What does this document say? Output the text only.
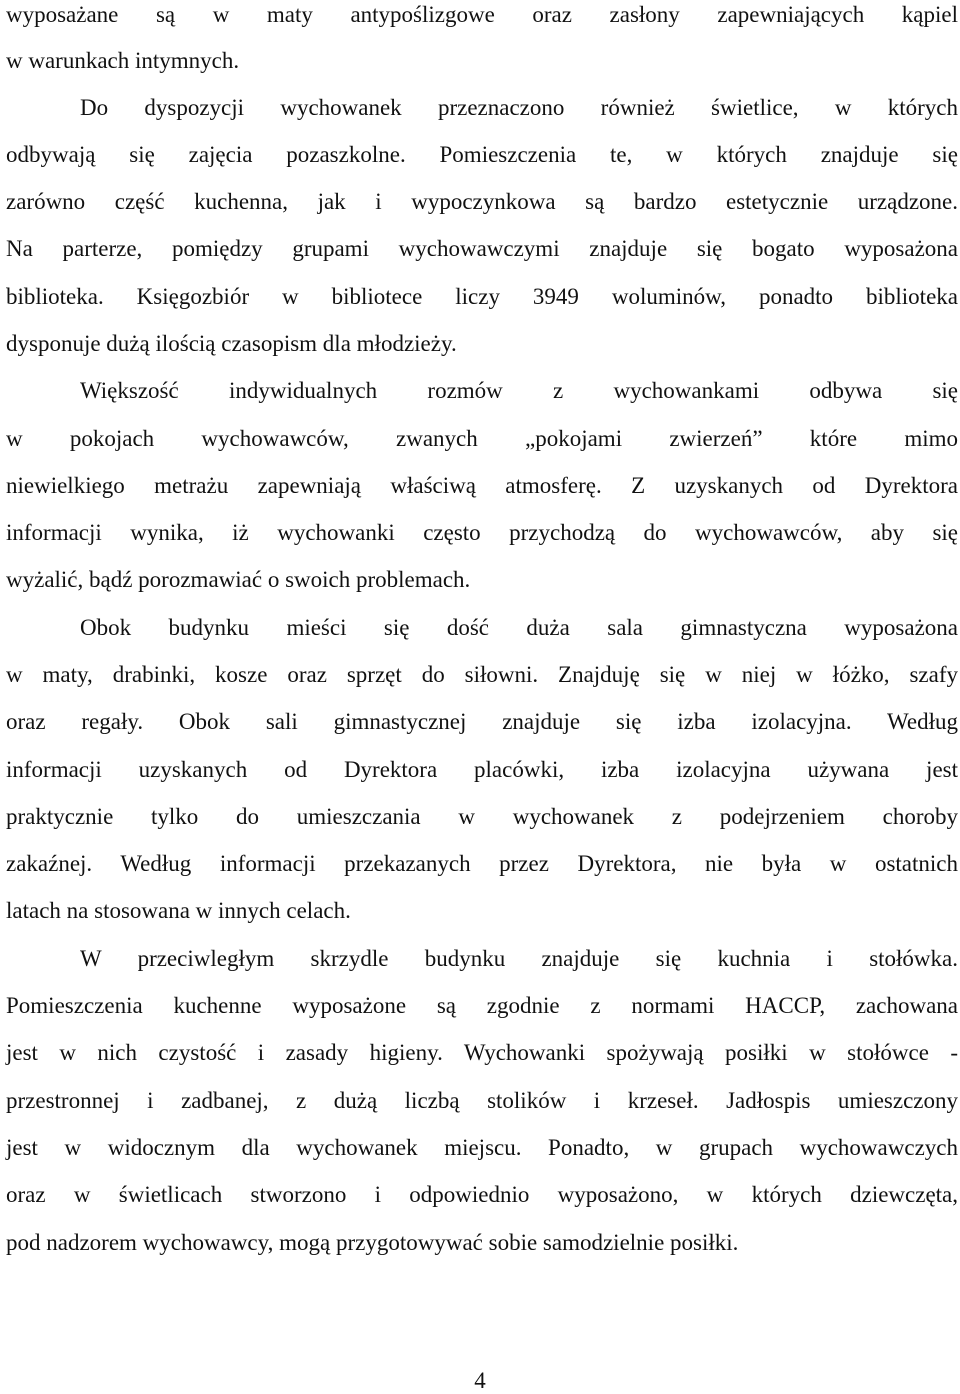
wyposażane są w maty antypoślizgowe oraz zasłony zapewniających kąpiel
w warunkach intymnych.
Do dyspozycji wychowanek przeznaczono również świetlice, w których
odbywają się zajęcia pozaszkolne. Pomieszczenia te, w których znajduje się
zarówno część kuchenna, jak i wypoczynkowa są bardzo estetycznie urządzone.
Na parterze, pomiędzy grupami wychowawczymi znajduje się bogato wyposażona
biblioteka. Księgozbiór w bibliotece liczy 3949 woluminów, ponadto biblioteka
dysponuje dużą ilością czasopism dla młodzieży.
Większość indywidualnych rozmów z wychowankami odbywa się
w pokojach wychowawców, zwanych „pokojami zwierzeń” które mimo
niewielkiego metrażu zapewniają właściwą atmosferę. Z uzyskanych od Dyrektora
informacji wynika, iż wychowanki często przychodzą do wychowawców, aby się
wyżalić, bądź porozmawiać o swoich problemach.
Obok budynku mieści się dość duża sala gimnastyczna wyposażona
w maty, drabinki, kosze oraz sprzęt do siłowni. Znajduję się w niej w łóżko, szafy
oraz regały. Obok sali gimnastycznej znajduje się izba izolacyjna. Według
informacji uzyskanych od Dyrektora placówki, izba izolacyjna używana jest
praktycznie tylko do umieszczania w wychowanek z podejrzeniem choroby
zakaźnej. Według informacji przekazanych przez Dyrektora, nie była w ostatnich
latach na stosowana w innych celach.
W przeciwległym skrzydle budynku znajduje się kuchnia i stołówka.
Pomieszczenia kuchenne wyposażone są zgodnie z normami HACCP, zachowana
jest w nich czystość i zasady higieny. Wychowanki spożywają posiłki w stołówce -
przestronnej i zadbanej, z dużą liczbą stolików i krzeseł. Jadłospis umieszczony
jest w widocznym dla wychowanek miejscu. Ponadto, w grupach wychowawczych
oraz w świetlicach stworzono i odpowiednio wyposażono, w których dziewczęta,
pod nadzorem wychowawcy, mogą przygotowywać sobie samodzielnie posiłki.
4
